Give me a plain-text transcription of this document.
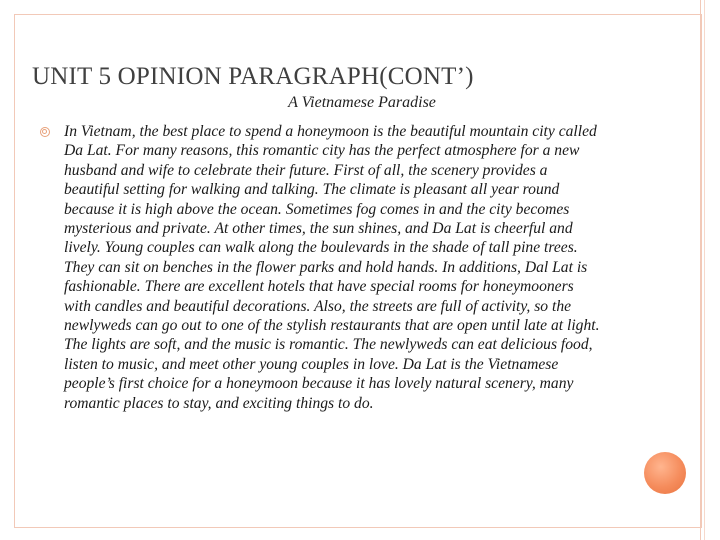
UNIT 5 OPINION PARAGRAPH(CONT’)
A Vietnamese Paradise
In Vietnam, the best place to spend a honeymoon is the beautiful mountain city called
Da Lat. For many reasons, this romantic city has the perfect atmosphere for a new
husband and wife to celebrate their future. First of all, the scenery provides a
beautiful setting for walking and talking. The climate is pleasant all year round
because it is high above the ocean. Sometimes fog comes in and the city becomes
mysterious and private. At other times, the sun shines, and Da Lat is cheerful and
lively. Young couples can walk along the boulevards in the shade of tall pine trees.
They can sit on benches in the flower parks and hold hands. In additions, Dal Lat is
fashionable. There are excellent hotels that have special rooms for honeymooners
with candles and beautiful decorations. Also, the streets are full of activity, so the
newlyweds can go out to one of the stylish restaurants that are open until late at light.
The lights are soft, and the music is romantic. The newlyweds can eat delicious food,
listen to music, and meet other young couples in love. Da Lat is the Vietnamese
people’s first choice for a honeymoon because it has lovely natural scenery, many
romantic places to stay, and exciting things to do.
